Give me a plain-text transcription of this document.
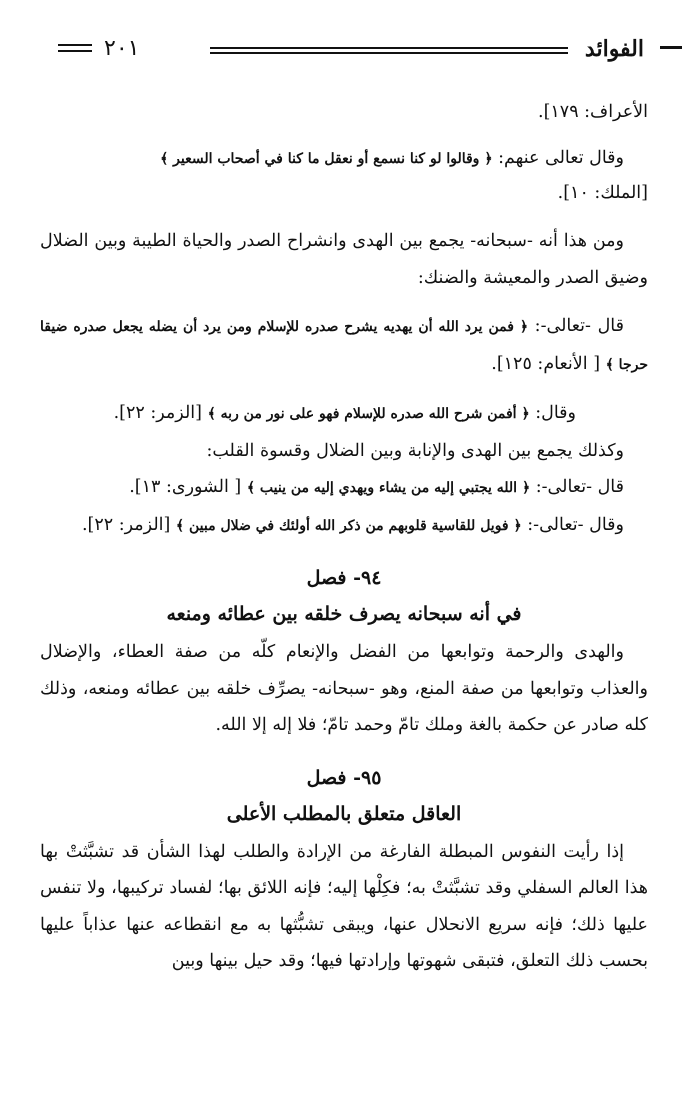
الفوائد
٢٠١

الأعراف: ١٧٩].

وقال تعالى عنهم: ﴿ وقالوا لو كنا نسمع أو نعقل ما كنا في أصحاب السعير ﴾

[الملك: ١٠].

ومن هذا أنه -سبحانه- يجمع بين الهدى وانشراح الصدر والحياة الطيبة وبين الضلال وضيق الصدر والمعيشة والضنك:

قال -تعالى-: ﴿ فمن يرد الله أن يهديه يشرح صدره للإسلام ومن يرد أن يضله يجعل صدره ضيقا حرجا ﴾ [ الأنعام: ١٢٥].

وقال: ﴿ أفمن شرح الله صدره للإسلام فهو على نور من ربه ﴾ [الزمر: ٢٢].

وكذلك يجمع بين الهدى والإنابة وبين الضلال وقسوة القلب:

قال -تعالى-: ﴿ الله يجتبي إليه من يشاء ويهدي إليه من ينيب ﴾ [ الشورى: ١٣].

وقال -تعالى-: ﴿ فويل للقاسية قلوبهم من ذكر الله أولئك في ضلال مبين ﴾ [الزمر: ٢٢].

٩٤- فصل
في أنه سبحانه يصرف خلقه بين عطائه ومنعه

والهدى والرحمة وتوابعها من الفضل والإنعام كلّه من صفة العطاء، والإضلال والعذاب وتوابعها من صفة المنع، وهو -سبحانه- يصرِّف خلقه بين عطائه ومنعه، وذلك كله صادر عن حكمة بالغة وملك تامّ وحمد تامّ؛ فلا إله إلا الله.

٩٥- فصل
العاقل متعلق بالمطلب الأعلى

إذا رأيت النفوس المبطلة الفارغة من الإرادة والطلب لهذا الشأن قد تشبَّثتْ بها هذا العالم السفلي وقد تشبَّثتْ به؛ فكِلْها إليه؛ فإنه اللائق بها؛ لفساد تركيبها، ولا تنفس عليها ذلك؛ فإنه سريع الانحلال عنها، ويبقى تشبُّثها به مع انقطاعه عنها عذاباً عليها بحسب ذلك التعلق، فتبقى شهوتها وإرادتها فيها؛ وقد حيل بينها وبين
